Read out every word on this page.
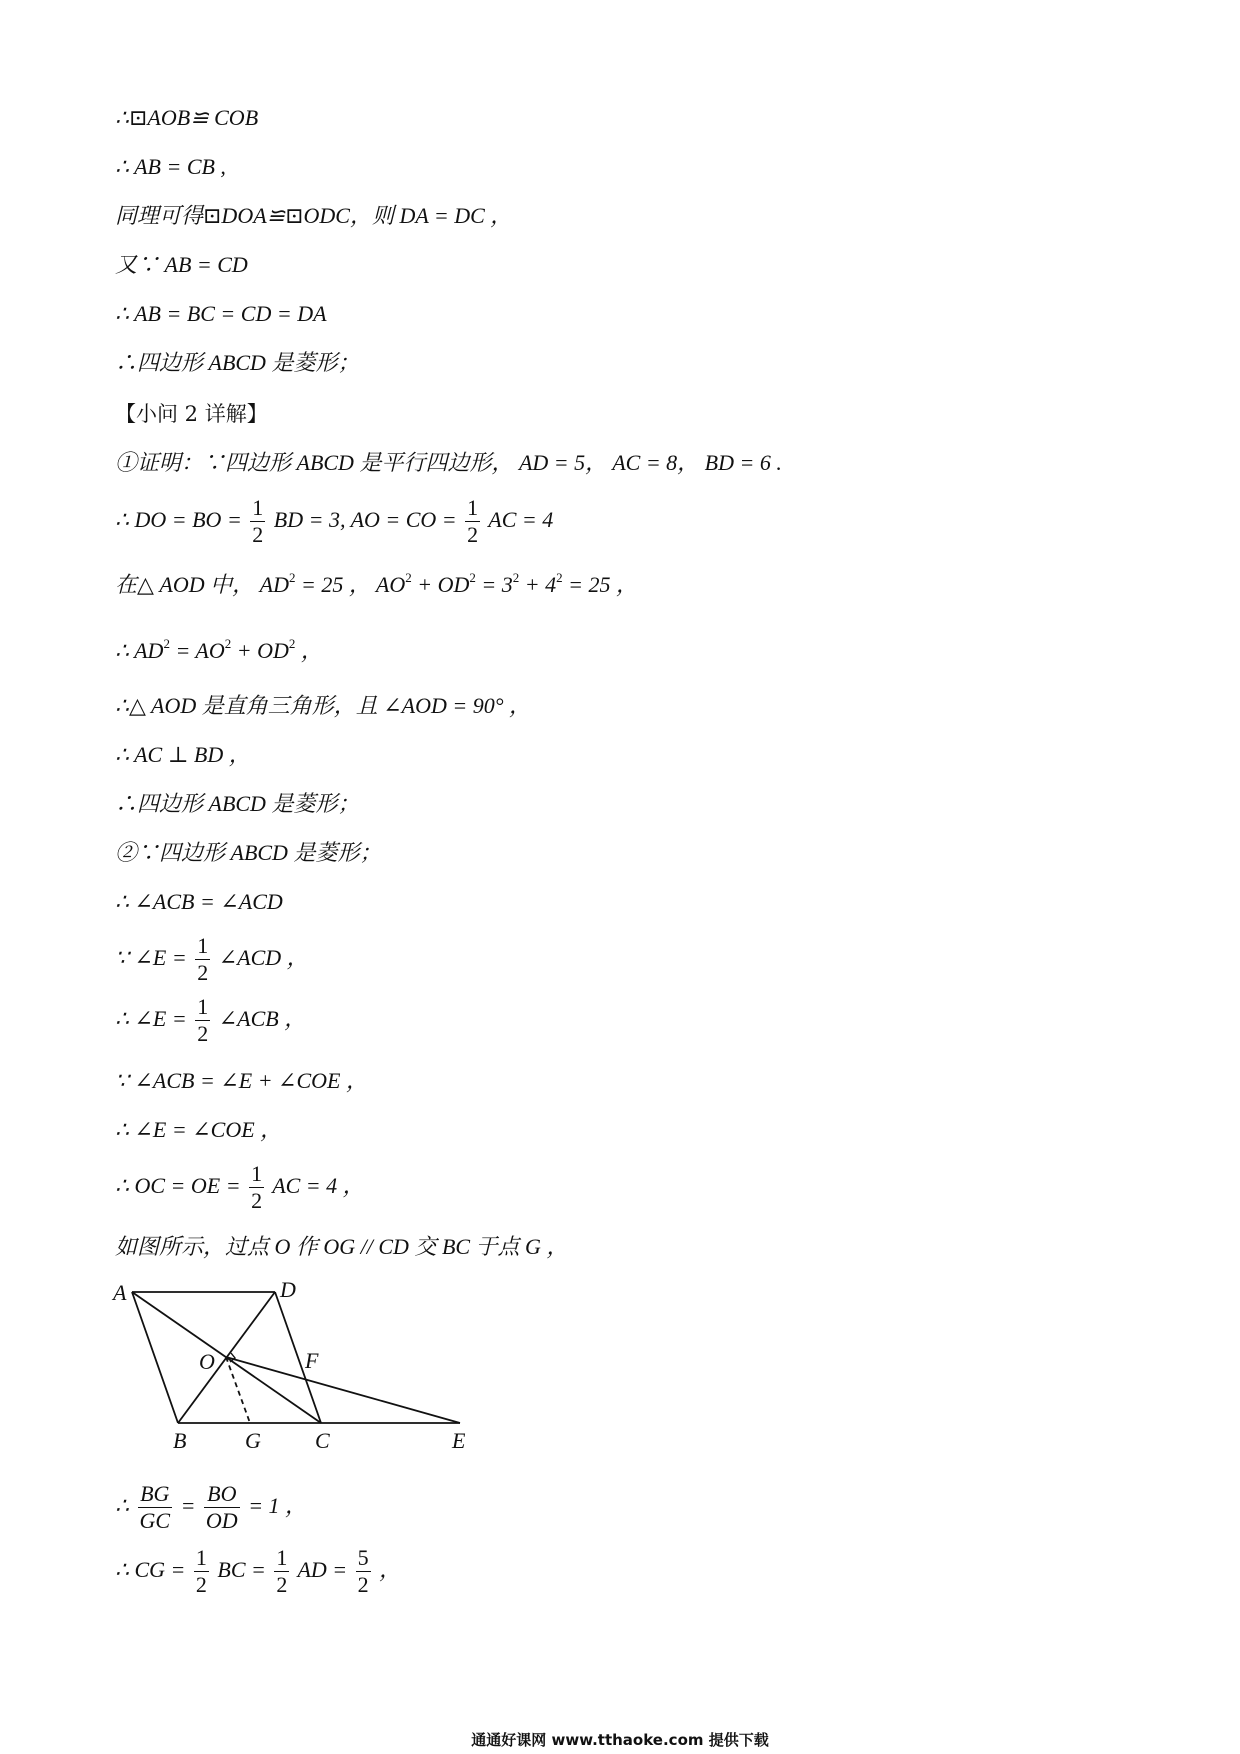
∴⊡AOB≌ COB
∴ AB = CB ,
同理可得⊡DOA≌⊡ODC，则 DA = DC ，
又∵ AB = CD
∴ AB = BC = CD = DA
∴四边形 ABCD 是菱形；
【小问 2 详解】
①证明：∵四边形 ABCD 是平行四边形， AD = 5， AC = 8， BD = 6 .
∴ DO = BO = $\frac{1}{2}$ BD = 3, AO = CO = $\frac{1}{2}$ AC = 4
在△ AOD 中， $AD^2 = 25$ ， $AO^2 + OD^2 = 3^2 + 4^2 = 25$ ，
∴ $AD^2 = AO^2 + OD^2$ ，
∴△ AOD 是直角三角形，且 ∠AOD = 90° ，
∴ AC ⊥ BD ，
∴四边形 ABCD 是菱形；
②∵四边形 ABCD 是菱形；
∴ ∠ACB = ∠ACD
∵ ∠E = $\frac{1}{2}$ ∠ACD ，
∴ ∠E = $\frac{1}{2}$ ∠ACB ，
∵ ∠ACB = ∠E + ∠COE ，
∴ ∠E = ∠COE ，
∴ OC = OE = $\frac{1}{2}$ AC = 4 ，
如图所示，过点 O 作 OG // CD 交 BC 于点 G ，
∴ $\frac{BG}{GC} = \frac{BO}{OD} = 1$ ，
∴ CG = $\frac{1}{2}$ BC = $\frac{1}{2}$ AD = $\frac{5}{2}$ ，
A	D
O	F
B	G C	E
通通好课网 www.tthaoke.com 提供下载
